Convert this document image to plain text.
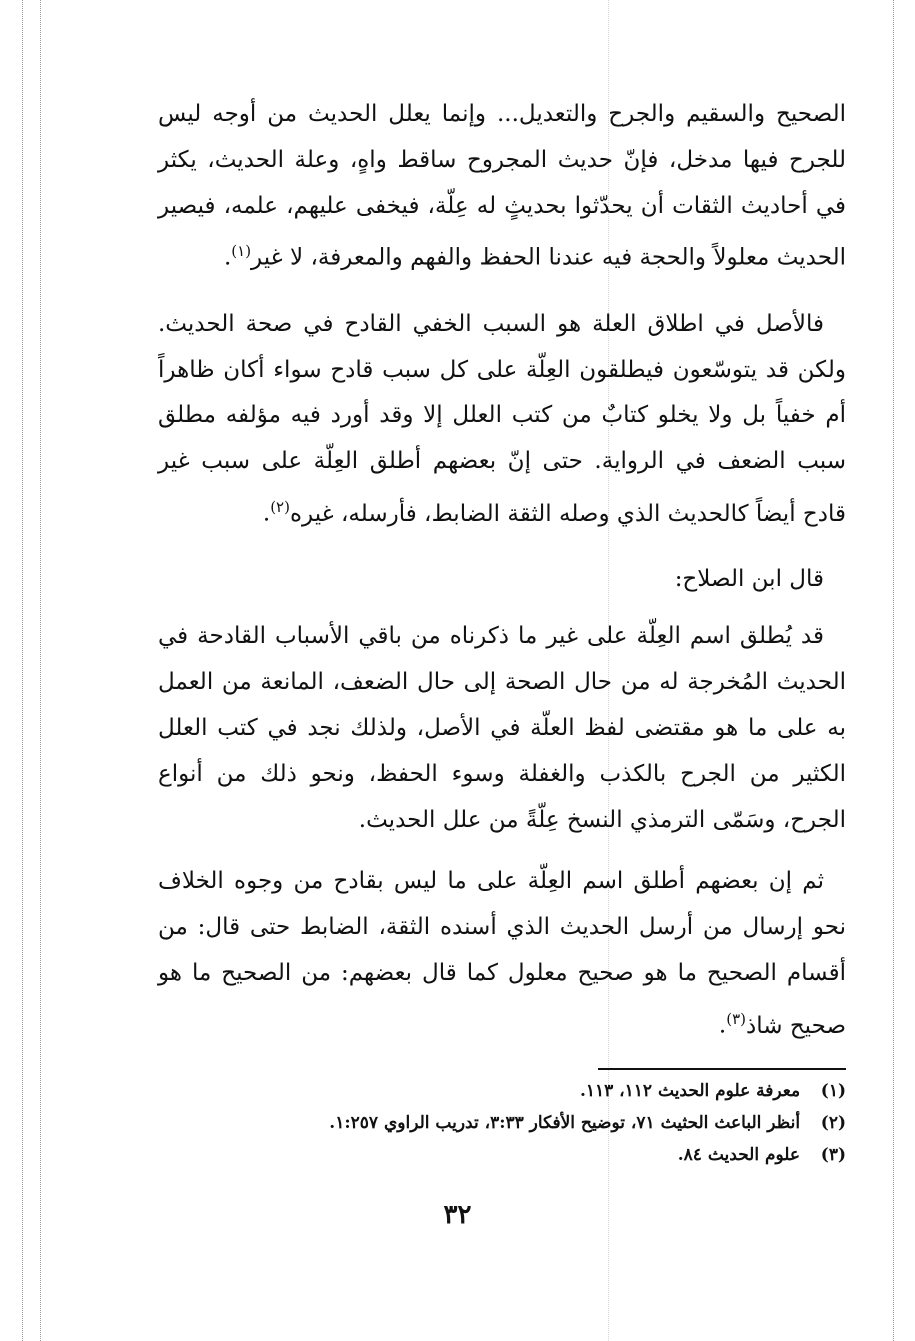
الصحيح والسقيم والجرح والتعديل... وإنما يعلل الحديث من أوجه ليس للجرح فيها مدخل، فإنّ حديث المجروح ساقط واهٍ، وعلة الحديث، يكثر في أحاديث الثقات أن يحدّثوا بحديثٍ له عِلّة، فيخفى عليهم، علمه، فيصير الحديث معلولاً والحجة فيه عندنا الحفظ والفهم والمعرفة، لا غير$^{(١)}$.

فالأصل في اطلاق العلة هو السبب الخفي القادح في صحة الحديث. ولكن قد يتوسّعون فيطلقون العِلّة على كل سبب قادح سواء أكان ظاهراً أم خفياً بل ولا يخلو كتابٌ من كتب العلل إلا وقد أورد فيه مؤلفه مطلق سبب الضعف في الرواية. حتى إنّ بعضهم أطلق العِلّة على سبب غير قادح أيضاً كالحديث الذي وصله الثقة الضابط، فأرسله، غيره$^{(٢)}$.

قال ابن الصلاح:

قد يُطلق اسم العِلّة على غير ما ذكرناه من باقي الأسباب القادحة في الحديث المُخرجة له من حال الصحة إلى حال الضعف، المانعة من العمل به على ما هو مقتضى لفظ العلّة في الأصل، ولذلك نجد في كتب العلل الكثير من الجرح بالكذب والغفلة وسوء الحفظ، ونحو ذلك من أنواع الجرح، وسَمّى الترمذي النسخ عِلّةً من علل الحديث.

ثم إن بعضهم أطلق اسم العِلّة على ما ليس بقادح من وجوه الخلاف نحو إرسال من أرسل الحديث الذي أسنده الثقة، الضابط حتى قال: من أقسام الصحيح ما هو صحيح معلول كما قال بعضهم: من الصحيح ما هو صحيح شاذ$^{(٣)}$.

(١) معرفة علوم الحديث ١١٢، ١١٣.
(٢) أنظر الباعث الحثيث ٧١، توضيح الأفكار ٣:٣٣، تدريب الراوي ١:٢٥٧.
(٣) علوم الحديث ٨٤.
٣٢
